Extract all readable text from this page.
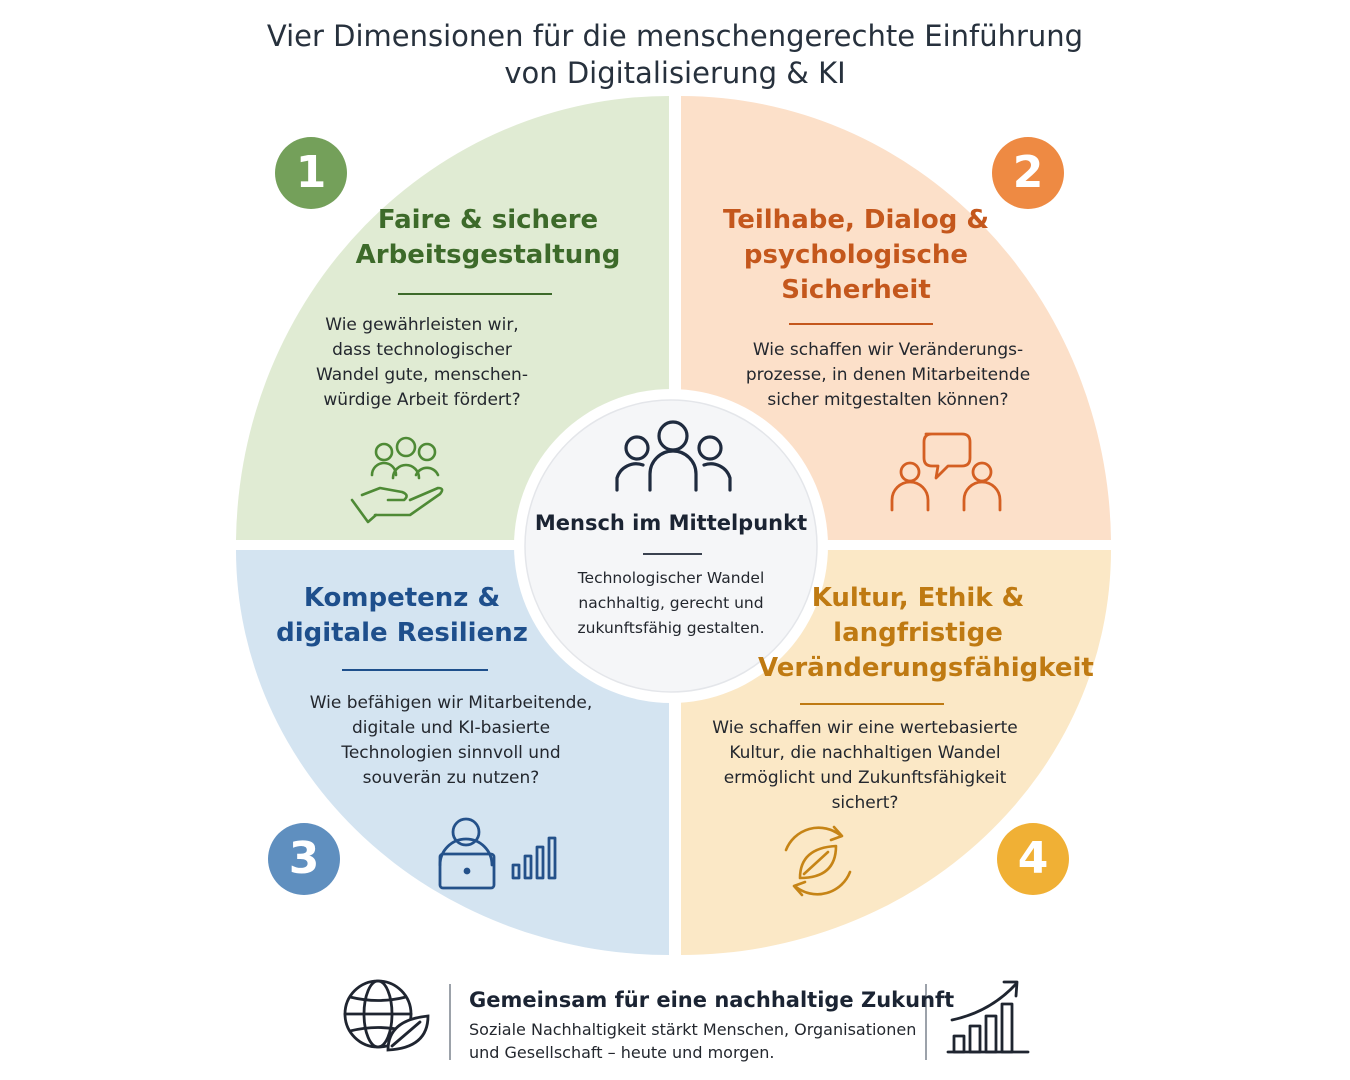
Vier Dimensionen für die menschengerechte Einführung
von Digitalisierung & KI
1
Faire & sichere
Arbeitsgestaltung
Wie gewährleisten wir,
dass technologischer
Wandel gute, menschen-
würdige Arbeit fördert?
2
Teilhabe, Dialog &
psychologische
Sicherheit
Wie schaffen wir Veränderungs-
prozesse, in denen Mitarbeitende
sicher mitgestalten können?
3
Kompetenz &
digitale Resilienz
Wie befähigen wir Mitarbeitende,
digitale und KI-basierte
Technologien sinnvoll und
souverän zu nutzen?
4
Kultur, Ethik &
langfristige
Veränderungsfähigkeit
Wie schaffen wir eine wertebasierte
Kultur, die nachhaltigen Wandel
ermöglicht und Zukunftsfähigkeit
sichert?
Mensch im Mittelpunkt
Technologischer Wandel
nachhaltig, gerecht und
zukunftsfähig gestalten.
Gemeinsam für eine nachhaltige Zukunft
Soziale Nachhaltigkeit stärkt Menschen, Organisationen
und Gesellschaft – heute und morgen.
